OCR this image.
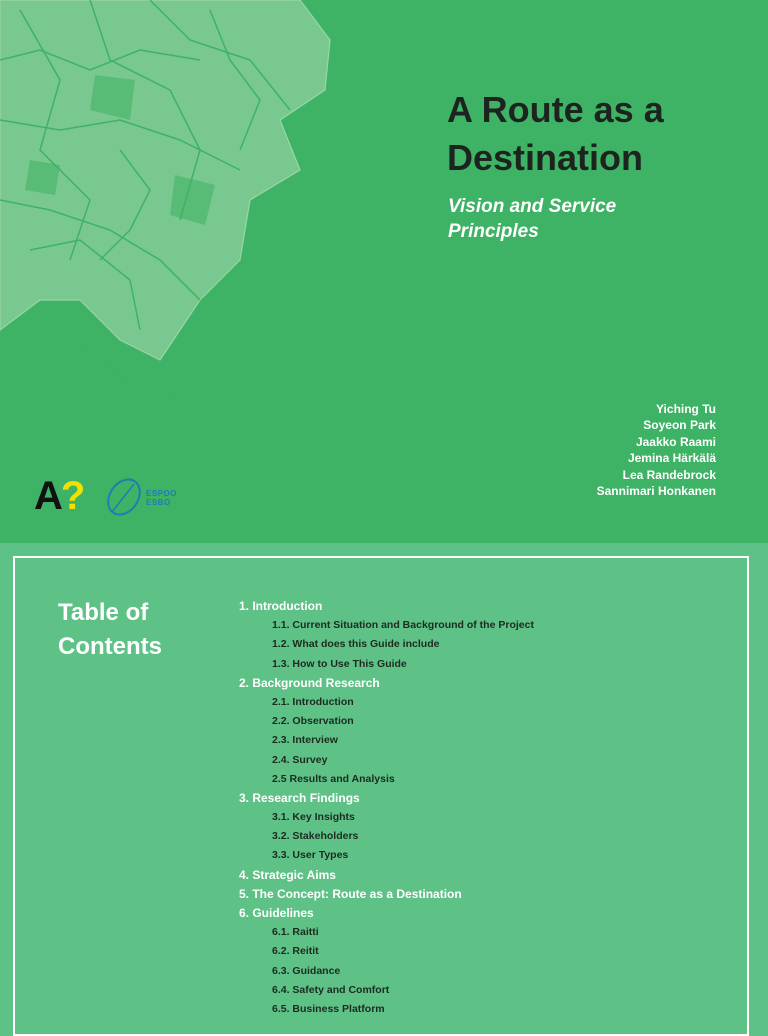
A Route as a
Destination
Vision and Service
Principles
Yiching Tu
Soyeon Park
Jaakko Raami
Jemina Härkälä
Lea Randebrock
Sannimari Honkanen
A?	ESPOO
ESBO
Table of
Contents
1. Introduction
1.1. Current Situation and Background of the Project
1.2. What does this Guide include
1.3. How to Use This Guide
2. Background Research
2.1. Introduction
2.2. Observation
2.3. Interview
2.4. Survey
2.5 Results and Analysis
3. Research Findings
3.1. Key Insights
3.2. Stakeholders
3.3. User Types
4. Strategic Aims
5. The Concept: Route as a Destination
6. Guidelines
6.1. Raitti
6.2. Reitit
6.3. Guidance
6.4. Safety and Comfort
6.5. Business Platform
